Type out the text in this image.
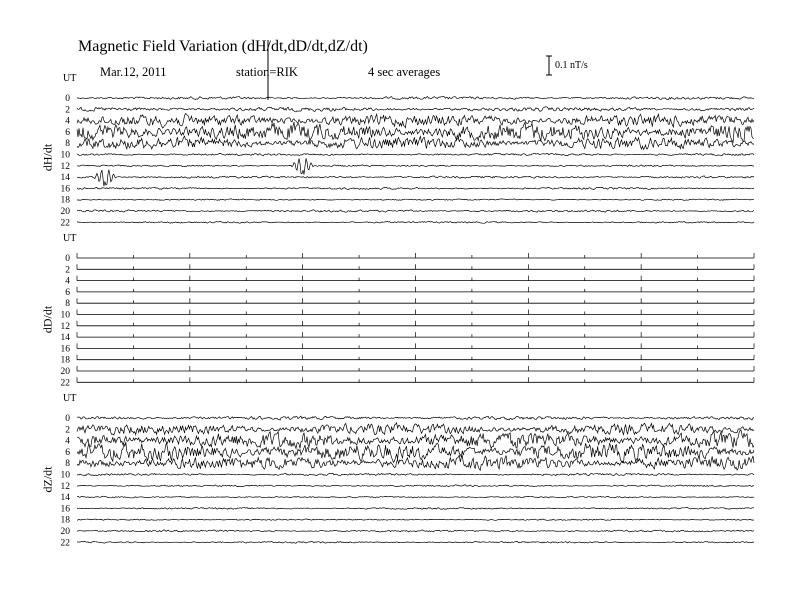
Magnetic Field Variation (dH/dt,dD/dt,dZ/dt)
Mar.12, 2011	station=RIK	4 sec averages	0.1 nT/s
UT
UT
UT
dH/dt
dD/dt
dZ/dt
0
2
4
6
8
10
12
14
16
18
20
22
0
2
4
6
8
10
12
14
16
18
20
22
0
2
4
6
8
10
12
14
16
18
20
22
